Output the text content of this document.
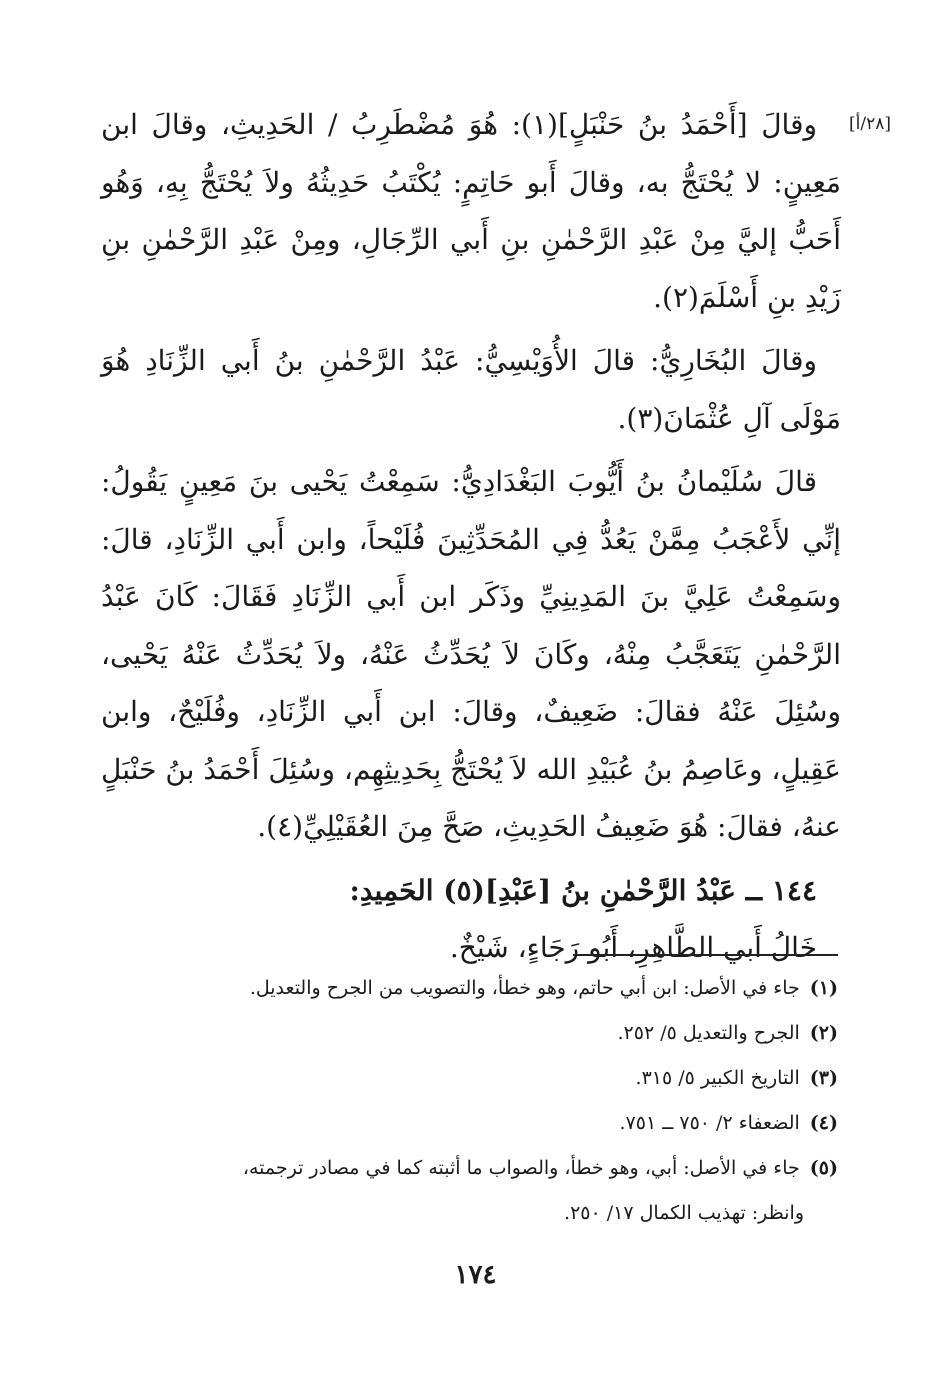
[٢٨/أ]

وقالَ [أَحْمَدُ بنُ حَنْبَلٍ](١): هُوَ مُضْطَرِبُ / الحَدِيثِ، وقالَ ابن مَعِينٍ: لا يُحْتَجُّ به، وقالَ أَبو حَاتِمٍ: يُكْتَبُ حَدِيثُهُ ولاَ يُحْتَجُّ بِهِ، وَهُو أَحَبُّ إليَّ مِنْ عَبْدِ الرَّحْمٰنِ بنِ أَبي الرِّجَالِ، ومِنْ عَبْدِ الرَّحْمٰنِ بنِ زَيْدِ بنِ أَسْلَمَ(٢).

وقالَ البُخَارِيُّ: قالَ الأُوَيْسِيُّ: عَبْدُ الرَّحْمٰنِ بنُ أَبي الزِّنَادِ هُوَ مَوْلَى آلِ عُثْمَانَ(٣).

قالَ سُلَيْمانُ بنُ أَيُّوبَ البَغْدَادِيُّ: سَمِعْتُ يَحْيى بنَ مَعِينٍ يَقُولُ: إنِّي لأَعْجَبُ مِمَّنْ يَعُدُّ فِي المُحَدِّثِينَ فُلَيْحاً، وابن أَبي الزِّنَادِ، قالَ: وسَمِعْتُ عَلِيَّ بنَ المَدِينِيِّ وذَكَر ابن أَبي الزِّنَادِ فَقَالَ: كَانَ عَبْدُ الرَّحْمٰنِ يَتَعَجَّبُ مِنْهُ، وكَانَ لاَ يُحَدِّثُ عَنْهُ، ولاَ يُحَدِّثُ عَنْهُ يَحْيى، وسُئِلَ عَنْهُ فقالَ: ضَعِيفٌ، وقالَ: ابن أَبي الزِّنَادِ، وفُلَيْحٌ، وابن عَقِيلٍ، وعَاصِمُ بنُ عُبَيْدِ الله لاَ يُحْتَجُّ بِحَدِيثِهِم، وسُئِلَ أَحْمَدُ بنُ حَنْبَلٍ عنهُ، فقالَ: هُوَ ضَعِيفُ الحَدِيثِ، صَحَّ مِنَ العُقَيْلِيِّ(٤).

١٤٤ ــ عَبْدُ الرَّحْمٰنِ بنُ [عَبْدِ](٥) الحَمِيدِ:

خَالُ أَبي الطَّاهِرِ، أَبُو رَجَاءٍ، شَيْخٌ.

(١)جاء في الأصل: ابن أبي حاتم، وهو خطأ، والتصويب من الجرح والتعديل.

(٢)الجرح والتعديل ٥/ ٢٥٢.

(٣)التاريخ الكبير ٥/ ٣١٥.

(٤)الضعفاء ٢/ ٧٥٠ ــ ٧٥١.

(٥)جاء في الأصل: أبي، وهو خطأ، والصواب ما أثبته كما في مصادر ترجمته،

وانظر: تهذيب الكمال ١٧/ ٢٥٠.

١٧٤
